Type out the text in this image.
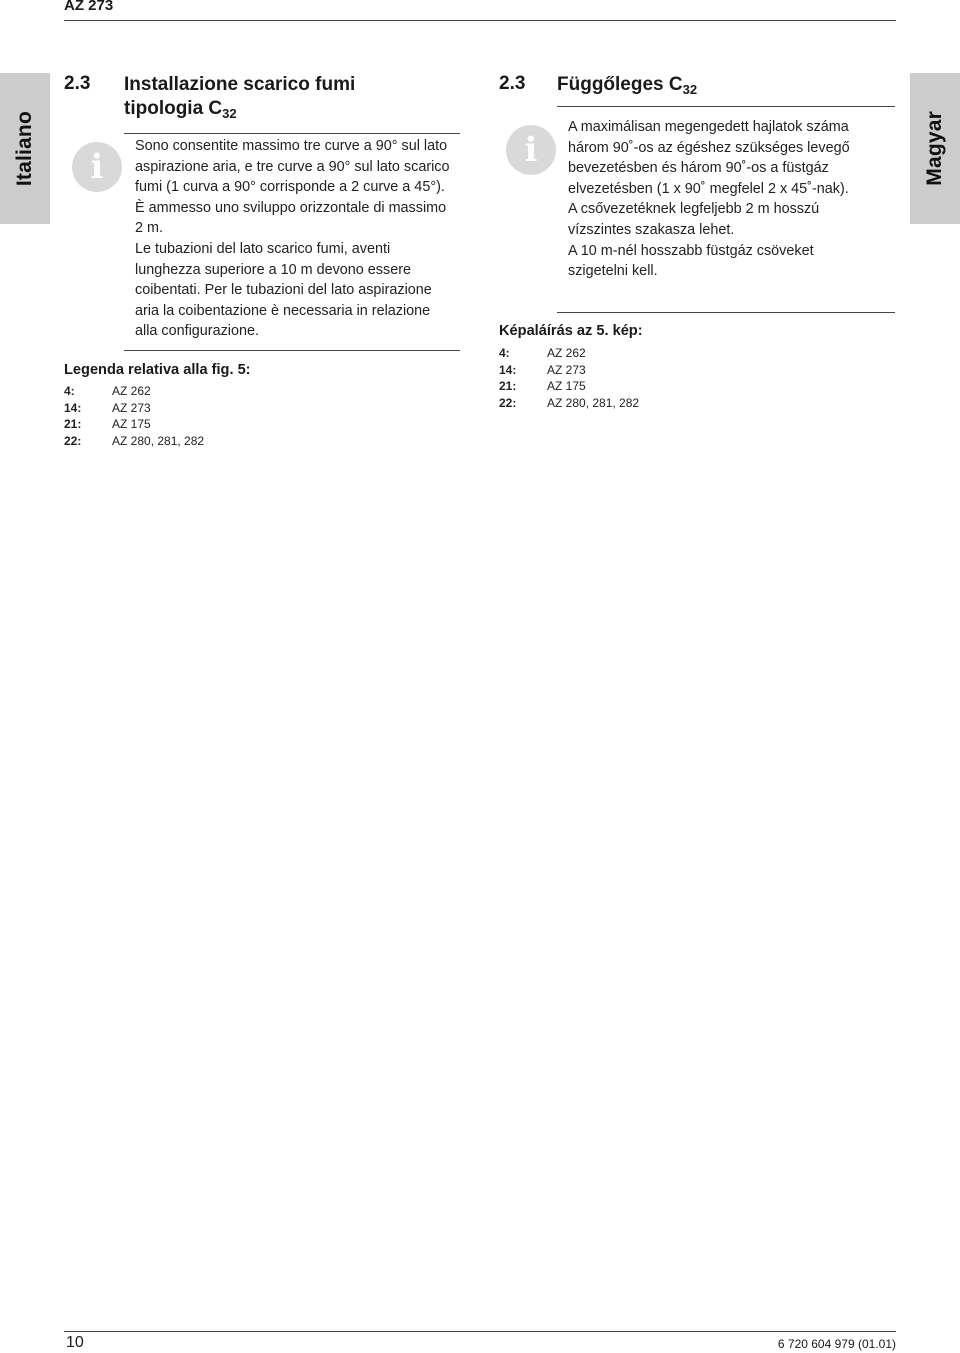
AZ 273
Italiano	Magyar
2.3 Installazione scarico fumi
tipologia $C_{32}$
i

Sono consentite massimo tre curve a 90° sul lato aspirazione aria, e tre curve a 90° sul lato scarico fumi (1 curva a 90° corrisponde a 2 curve a 45°). È ammesso uno sviluppo orizzontale di massimo 2 m.

Le tubazioni del lato scarico fumi, aventi lunghezza superiore a 10 m devono essere coibentati. Per le tubazioni del lato aspirazione aria la coibentazione è necessaria in relazione alla configurazione.

Legenda relativa alla fig. 5:
4:	AZ 262
14:	AZ 273
21:	AZ 175
22:	AZ 280, 281, 282
2.3 Függőleges $C_{32}$
i

A maximálisan megengedett hajlatok száma három 90˚-os az égéshez szükséges levegő bevezetésben és három 90˚-os a füstgáz elvezetésben (1 x 90˚ megfelel 2 x 45˚-nak).

A csővezetéknek legfeljebb 2 m hosszú vízszintes szakasza lehet.

A 10 m-nél hosszabb füstgáz csöveket szigetelni kell.

Képaláírás az 5. kép:
4:	AZ 262
14:	AZ 273
21:	AZ 175
22:	AZ 280, 281, 282
10	6 720 604 979 (01.01)
